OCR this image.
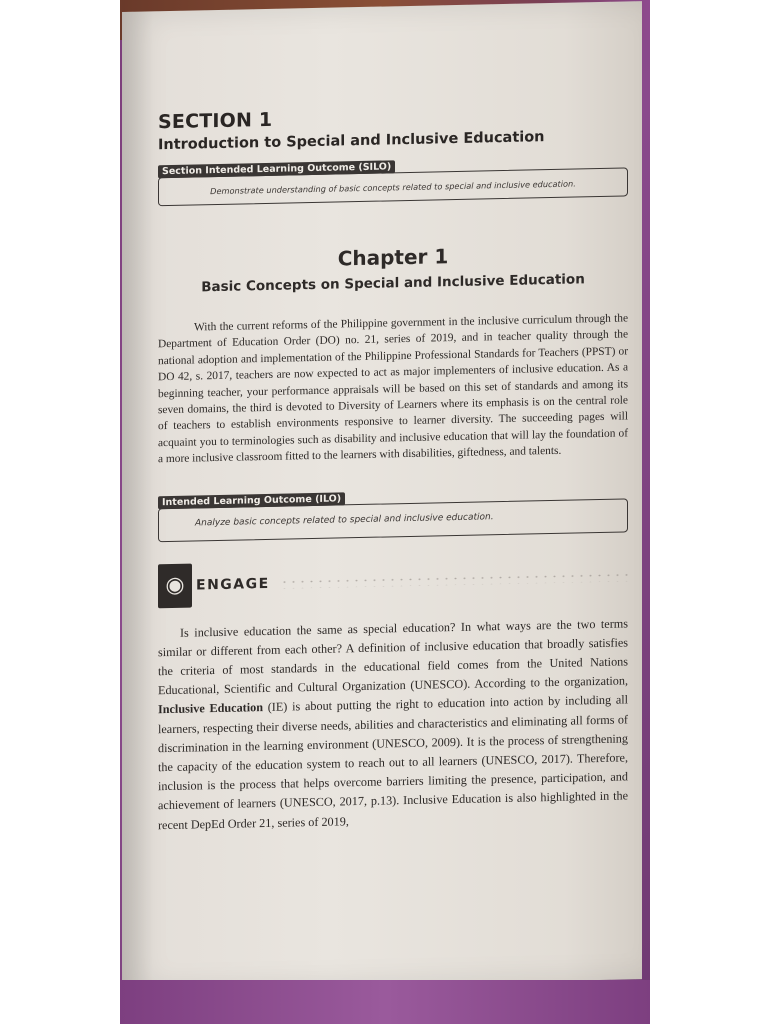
SECTION 1
Introduction to Special and Inclusive Education
Section Intended Learning Outcome (SILO)
Demonstrate understanding of basic concepts related to special and inclusive education.
Chapter 1
Basic Concepts on Special and Inclusive Education

With the current reforms of the Philippine government in the inclusive curriculum through the Department of Education Order (DO) no. 21, series of 2019, and in teacher quality through the national adoption and implementation of the Philippine Professional Standards for Teachers (PPST) or DO 42, s. 2017, teachers are now expected to act as major implementers of inclusive education. As a beginning teacher, your performance appraisals will be based on this set of standards and among its seven domains, the third is devoted to Diversity of Learners where its emphasis is on the central role of teachers to establish environments responsive to learner diversity. The succeeding pages will acquaint you to terminologies such as disability and inclusive education that will lay the foundation of a more inclusive classroom fitted to the learners with disabilities, giftedness, and talents.

Intended Learning Outcome (ILO)
Analyze basic concepts related to special and inclusive education.
◉ ENGAGE

Is inclusive education the same as special education? In what ways are the two terms similar or different from each other? A definition of inclusive education that broadly satisfies the criteria of most standards in the educational field comes from the United Nations Educational, Scientific and Cultural Organization (UNESCO). According to the organization, Inclusive Education (IE) is about putting the right to education into action by including all learners, respecting their diverse needs, abilities and characteristics and eliminating all forms of discrimination in the learning environment (UNESCO, 2009). It is the process of strengthening the capacity of the education system to reach out to all learners (UNESCO, 2017). Therefore, inclusion is the process that helps overcome barriers limiting the presence, participation, and achievement of learners (UNESCO, 2017, p.13). Inclusive Education is also highlighted in the recent DepEd Order 21, series of 2019,
